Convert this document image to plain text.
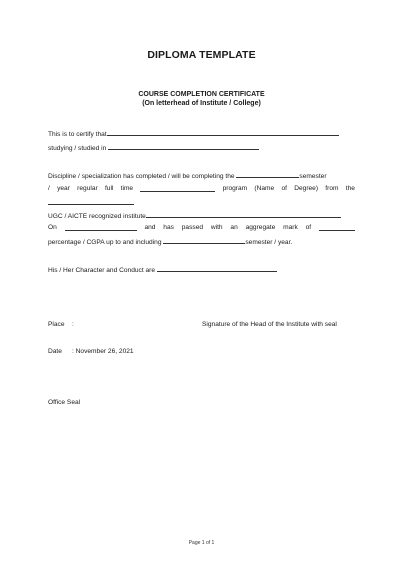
DIPLOMA TEMPLATE
COURSE COMPLETION CERTIFICATE
(On letterhead of Institute / College)
This is to certify that
studying / studied in
Discipline / specialization has completed / will be completing the	semester
/ year regular full time	program (Name of Degree) from the
UGC / AICTE recognized institute
On	and has passed with an aggregate mark of
percentage / CGPA up to and including	semester / year.
His / Her Character and Conduct are
Place :	Signature of the Head of the Institute with seal
Date : November 26, 2021
Office Seal
Page 1 of 1
